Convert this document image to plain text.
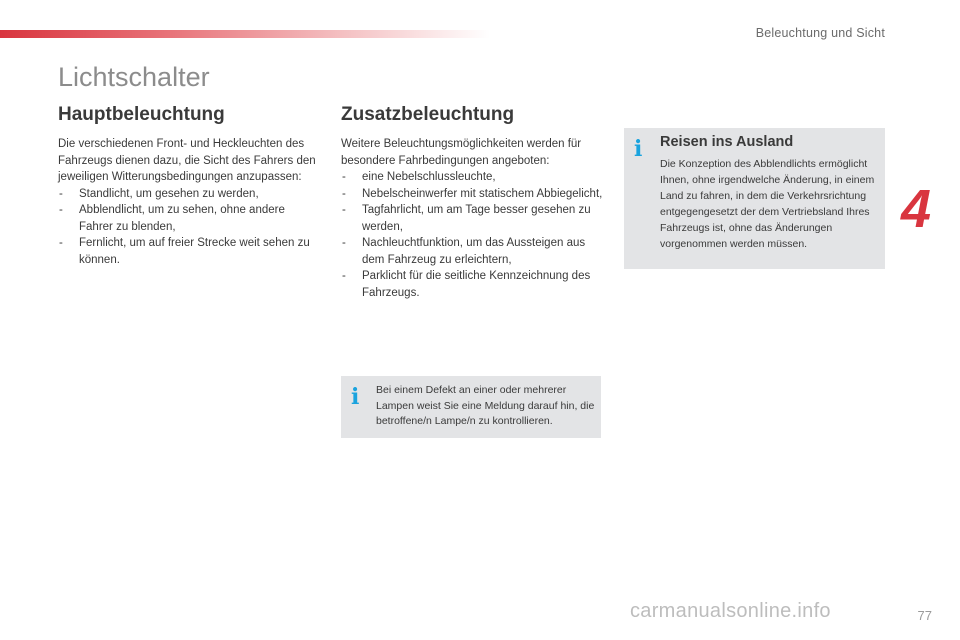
Beleuchtung und Sicht
Lichtschalter
Hauptbeleuchtung

Die verschiedenen Front- und Heckleuchten des Fahrzeugs dienen dazu, die Sicht des Fahrers den jeweiligen Witterungsbedingungen anzupassen:

- Standlicht, um gesehen zu werden,
- Abblendlicht, um zu sehen, ohne andere Fahrer zu blenden,
- Fernlicht, um auf freier Strecke weit sehen zu können.
Zusatzbeleuchtung

Weitere Beleuchtungsmöglichkeiten werden für besondere Fahrbedingungen angeboten:

- eine Nebelschlussleuchte,
- Nebelscheinwerfer mit statischem Abbiegelicht,
- Tagfahrlicht, um am Tage besser gesehen zu werden,
- Nachleuchtfunktion, um das Aussteigen aus dem Fahrzeug zu erleichtern,
- Parklicht für die seitliche Kennzeichnung des Fahrzeugs.
i Reisen ins Ausland

Die Konzeption des Abblendlichts ermöglicht Ihnen, ohne irgendwelche Änderung, in einem Land zu fahren, in dem die Verkehrsrichtung entgegengesetzt der dem Vertriebsland Ihres Fahrzeugs ist, ohne das Änderungen vorgenommen werden müssen.

i Bei einem Defekt an einer oder mehrerer Lampen weist Sie eine Meldung darauf hin, die betroffene/n Lampe/n zu kontrollieren.

4
carmanualsonline.info	77
